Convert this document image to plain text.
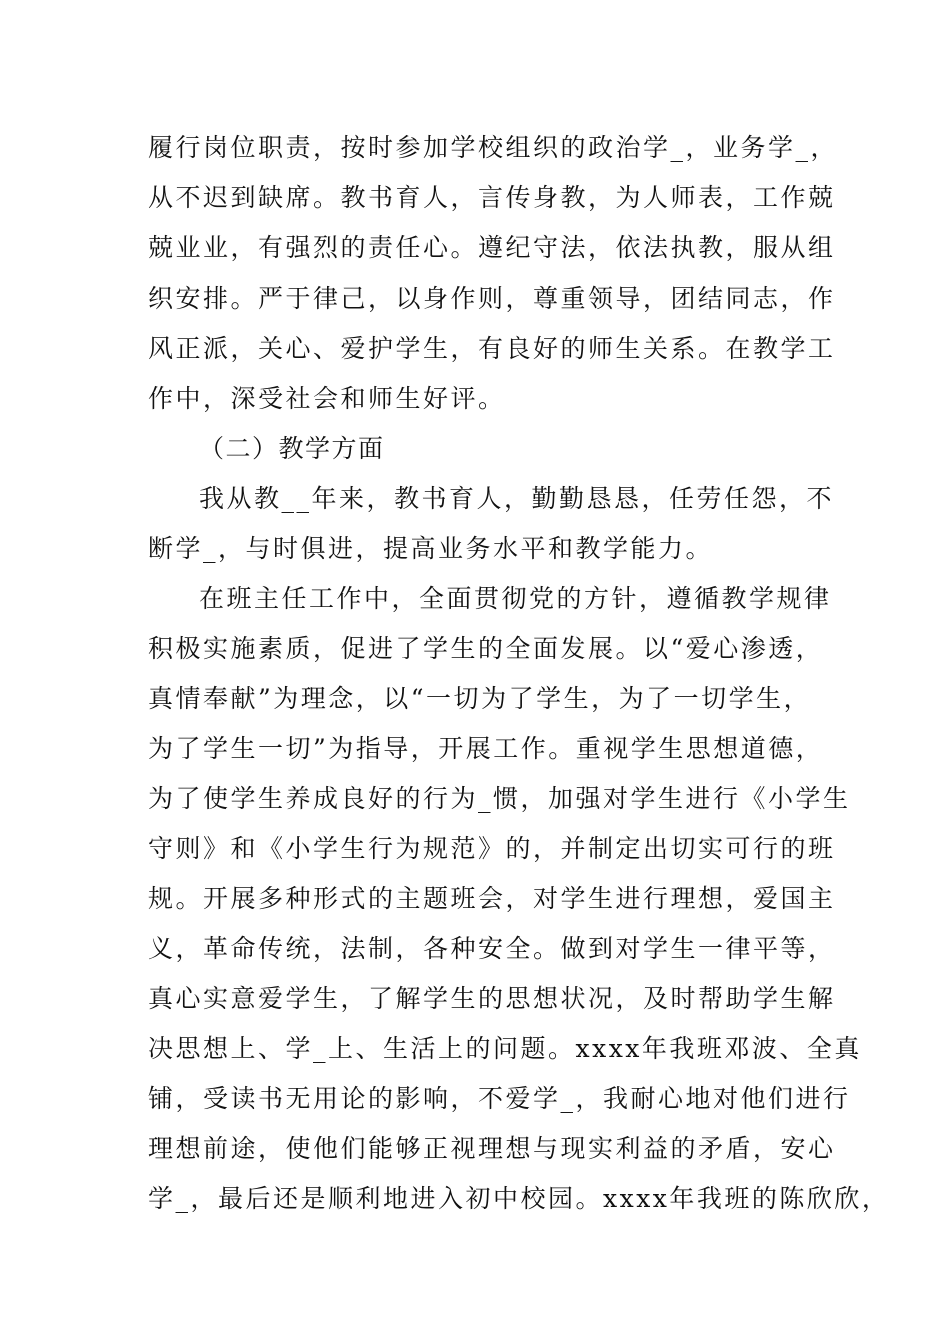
履行岗位职责，按时参加学校组织的政治学_，业务学_，
从不迟到缺席。教书育人，言传身教，为人师表，工作兢
兢业业，有强烈的责任心。遵纪守法，依法执教，服从组
织安排。严于律己，以身作则，尊重领导，团结同志，作
风正派，关心、爱护学生，有良好的师生关系。在教学工
作中，深受社会和师生好评。
（二）教学方面
我从教__年来，教书育人，勤勤恳恳，任劳任怨，不
断学_，与时俱进，提高业务水平和教学能力。
在班主任工作中，全面贯彻党的方针，遵循教学规律
积极实施素质，促进了学生的全面发展。以“爱心渗透，
真情奉献”为理念，以“一切为了学生，为了一切学生，
为了学生一切”为指导，开展工作。重视学生思想道德，
为了使学生养成良好的行为_惯，加强对学生进行《小学生
守则》和《小学生行为规范》的，并制定出切实可行的班
规。开展多种形式的主题班会，对学生进行理想，爱国主
义，革命传统，法制，各种安全。做到对学生一律平等，
真心实意爱学生，了解学生的思想状况，及时帮助学生解
决思想上、学_上、生活上的问题。xxxx年我班邓波、全真
铺，受读书无用论的影响，不爱学_，我耐心地对他们进行
理想前途，使他们能够正视理想与现实利益的矛盾，安心
学_，最后还是顺利地进入初中校园。xxxx年我班的陈欣欣，
